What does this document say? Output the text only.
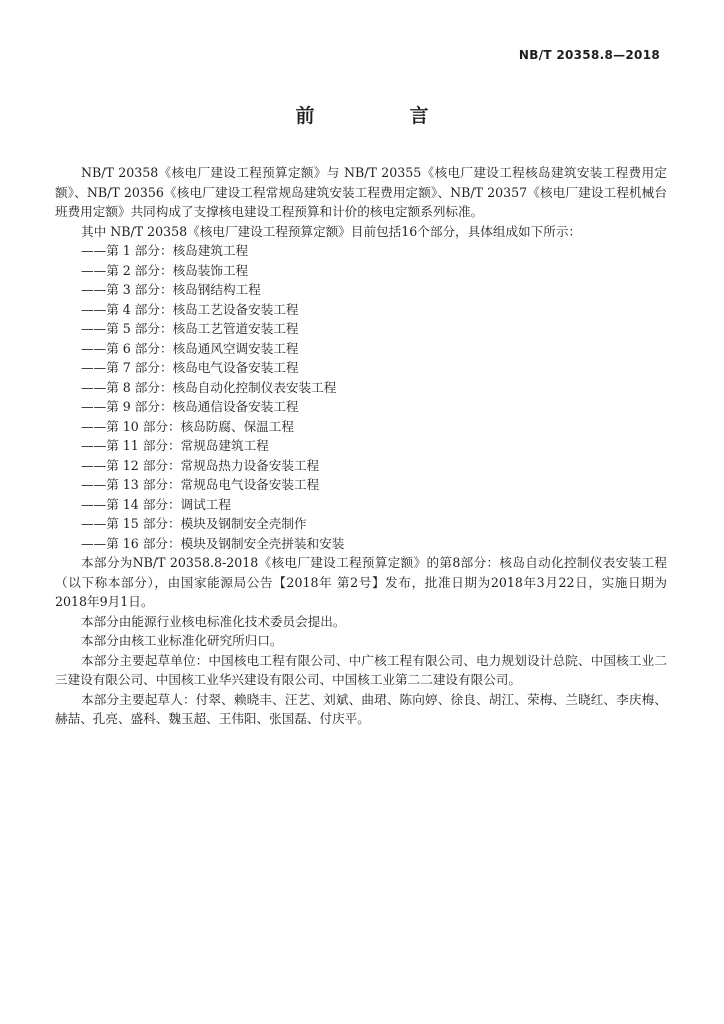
NB/T 20358.8—2018
前　言

NB/T 20358《核电厂建设工程预算定额》与 NB/T 20355《核电厂建设工程核岛建筑安装工程费用定额》、NB/T 20356《核电厂建设工程常规岛建筑安装工程费用定额》、NB/T 20357《核电厂建设工程机械台班费用定额》共同构成了支撑核电建设工程预算和计价的核电定额系列标准。

其中 NB/T 20358《核电厂建设工程预算定额》目前包括16个部分，具体组成如下所示：

——第 1 部分：核岛建筑工程
——第 2 部分：核岛装饰工程
——第 3 部分：核岛钢结构工程
——第 4 部分：核岛工艺设备安装工程
——第 5 部分：核岛工艺管道安装工程
——第 6 部分：核岛通风空调安装工程
——第 7 部分：核岛电气设备安装工程
——第 8 部分：核岛自动化控制仪表安装工程
——第 9 部分：核岛通信设备安装工程
——第 10 部分：核岛防腐、保温工程
——第 11 部分：常规岛建筑工程
——第 12 部分：常规岛热力设备安装工程
——第 13 部分：常规岛电气设备安装工程
——第 14 部分：调试工程
——第 15 部分：模块及钢制安全壳制作
——第 16 部分：模块及钢制安全壳拼装和安装

本部分为NB/T 20358.8-2018《核电厂建设工程预算定额》的第8部分：核岛自动化控制仪表安装工程（以下称本部分），由国家能源局公告【2018年 第2号】发布，批准日期为2018年3月22日，实施日期为2018年9月1日。

本部分由能源行业核电标准化技术委员会提出。

本部分由核工业标准化研究所归口。

本部分主要起草单位：中国核电工程有限公司、中广核工程有限公司、电力规划设计总院、中国核工业二三建设有限公司、中国核工业华兴建设有限公司、中国核工业第二二建设有限公司。

本部分主要起草人：付翠、赖晓丰、汪艺、刘斌、曲珺、陈向婷、徐良、胡江、荣梅、兰晓红、李庆梅、赫喆、孔亮、盛科、魏玉超、王伟阳、张国磊、付庆平。
